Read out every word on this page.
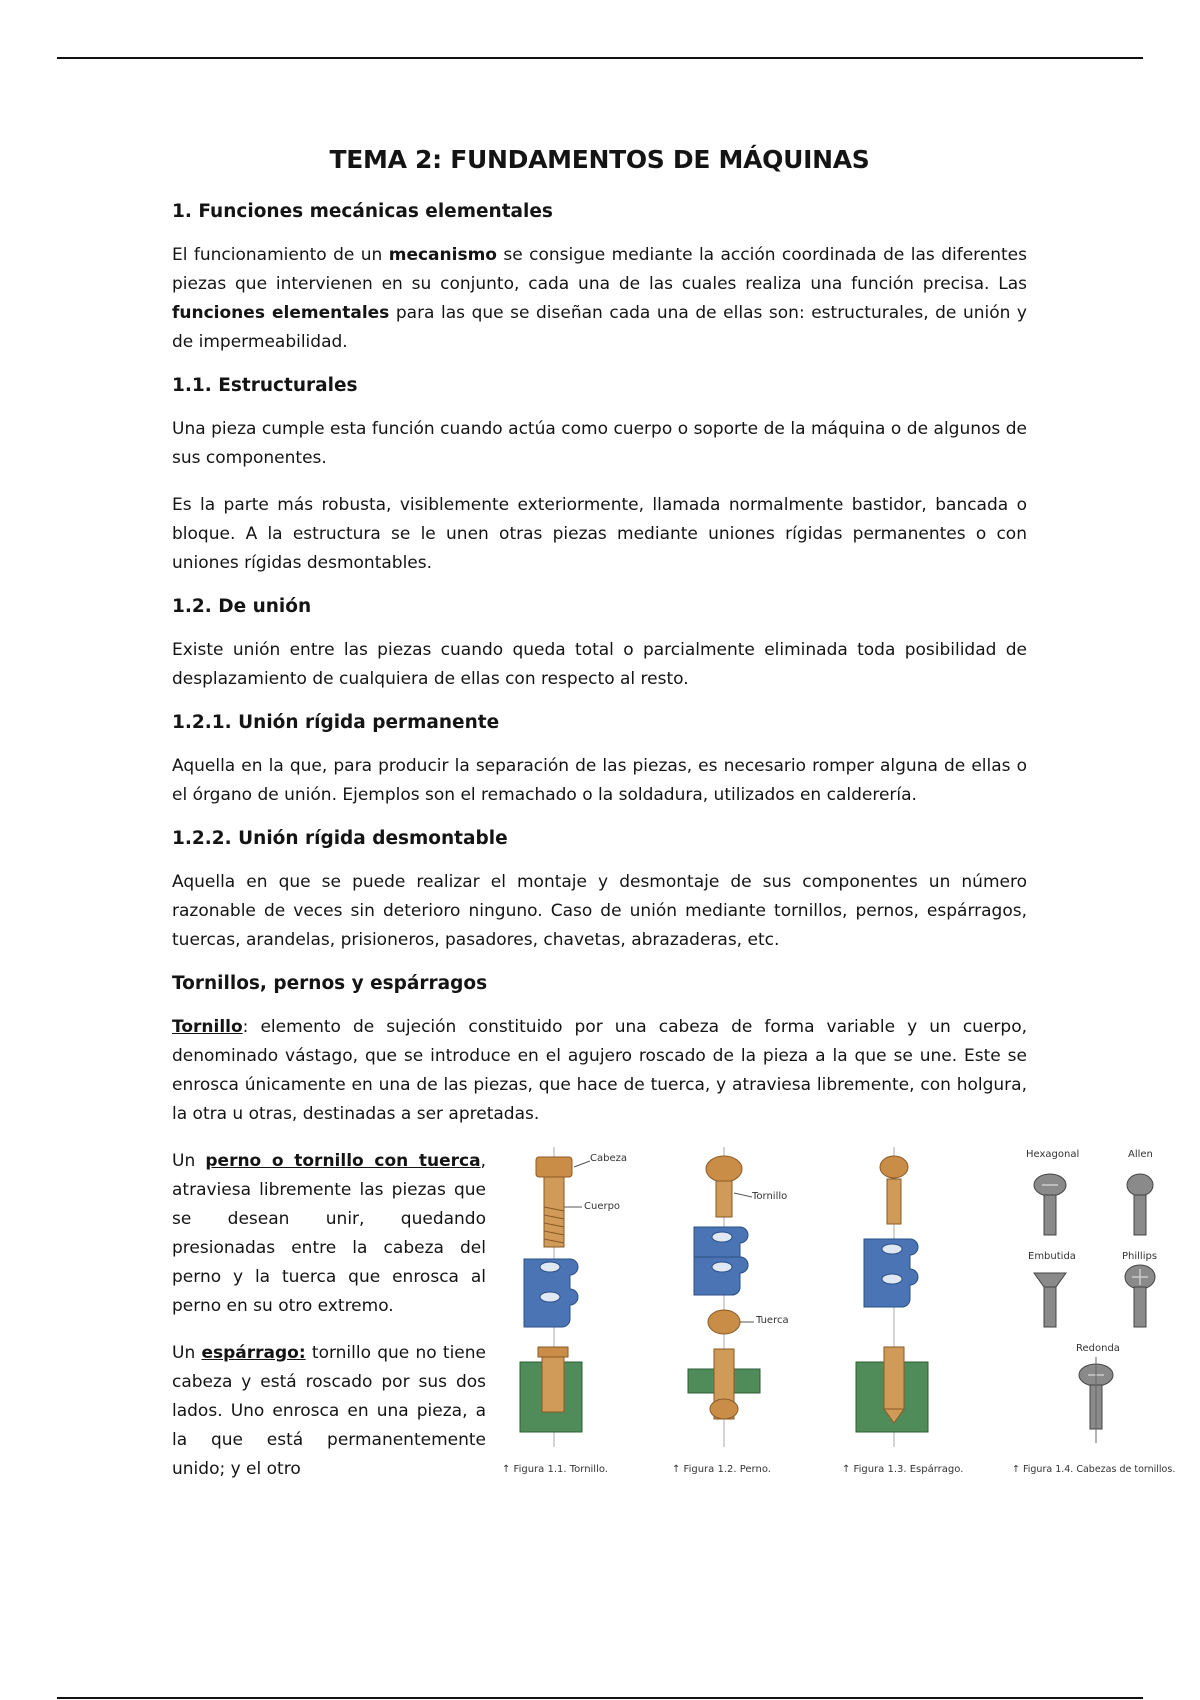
TEMA 2: FUNDAMENTOS DE MÁQUINAS
1. Funciones mecánicas elementales

El funcionamiento de un mecanismo se consigue mediante la acción coordinada de las diferentes piezas que intervienen en su conjunto, cada una de las cuales realiza una función precisa. Las funciones elementales para las que se diseñan cada una de ellas son: estructurales, de unión y de impermeabilidad.

1.1. Estructurales

Una pieza cumple esta función cuando actúa como cuerpo o soporte de la máquina o de algunos de sus componentes.

Es la parte más robusta, visiblemente exteriormente, llamada normalmente bastidor, bancada o bloque. A la estructura se le unen otras piezas mediante uniones rígidas permanentes o con uniones rígidas desmontables.

1.2. De unión

Existe unión entre las piezas cuando queda total o parcialmente eliminada toda posibilidad de desplazamiento de cualquiera de ellas con respecto al resto.

1.2.1. Unión rígida permanente

Aquella en la que, para producir la separación de las piezas, es necesario romper alguna de ellas o el órgano de unión. Ejemplos son el remachado o la soldadura, utilizados en calderería.

1.2.2. Unión rígida desmontable

Aquella en que se puede realizar el montaje y desmontaje de sus componentes un número razonable de veces sin deterioro ninguno. Caso de unión mediante tornillos, pernos, espárragos, tuercas, arandelas, prisioneros, pasadores, chavetas, abrazaderas, etc.

Tornillos, pernos y espárragos

Tornillo: elemento de sujeción constituido por una cabeza de forma variable y un cuerpo, denominado vástago, que se introduce en el agujero roscado de la pieza a la que se une. Este se enrosca únicamente en una de las piezas, que hace de tuerca, y atraviesa libremente, con holgura, la otra u otras, destinadas a ser apretadas.

Un perno o tornillo con tuerca, atraviesa libremente las piezas que se desean unir, quedando presionadas entre la cabeza del perno y la tuerca que enrosca al perno en su otro extremo.

Un espárrago: tornillo que no tiene cabeza y está roscado por sus dos lados. Uno enrosca en una pieza, a la que está permanentemente unido; y el otro

Cabeza
Cuerpo
↑ Figura 1.1. Tornillo.
Tornillo
Tuerca
↑ Figura 1.2. Perno.	↑ Figura 1.3. Espárrago.
Hexagonal	Allen
Embutida	Phillips
Redonda
↑ Figura 1.4. Cabezas de tornillos.
